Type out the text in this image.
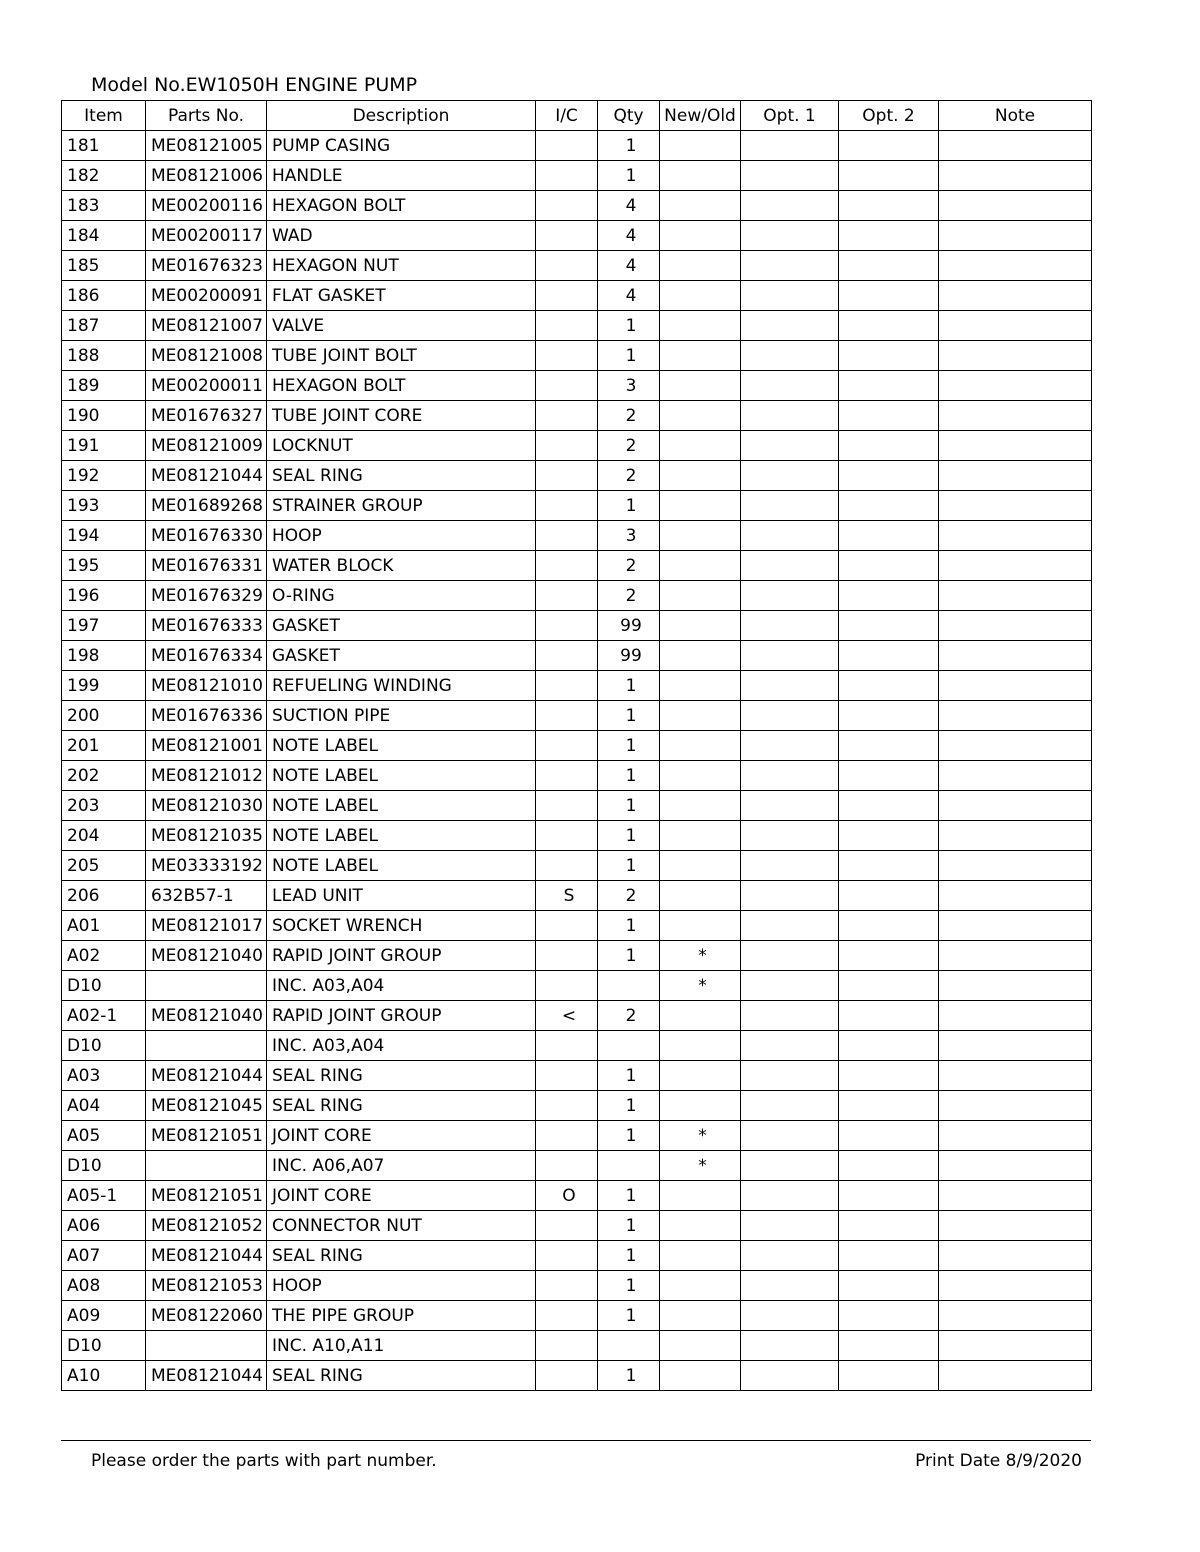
Model No.EW1050H ENGINE PUMP
Item	Parts No.	Description	I/C	Qty	New/Old	Opt. 1	Opt. 2	Note
181	ME08121005	PUMP CASING		1				
182	ME08121006	HANDLE		1				
183	ME00200116	HEXAGON BOLT		4				
184	ME00200117	WAD		4				
185	ME01676323	HEXAGON NUT		4				
186	ME00200091	FLAT GASKET		4				
187	ME08121007	VALVE		1				
188	ME08121008	TUBE JOINT BOLT		1				
189	ME00200011	HEXAGON BOLT		3				
190	ME01676327	TUBE JOINT CORE		2				
191	ME08121009	LOCKNUT		2				
192	ME08121044	SEAL RING		2				
193	ME01689268	STRAINER GROUP		1				
194	ME01676330	HOOP		3				
195	ME01676331	WATER BLOCK		2				
196	ME01676329	O-RING		2				
197	ME01676333	GASKET		99				
198	ME01676334	GASKET		99				
199	ME08121010	REFUELING WINDING		1				
200	ME01676336	SUCTION PIPE		1				
201	ME08121001	NOTE LABEL		1				
202	ME08121012	NOTE LABEL		1				
203	ME08121030	NOTE LABEL		1				
204	ME08121035	NOTE LABEL		1				
205	ME03333192	NOTE LABEL		1				
206	632B57-1	LEAD UNIT	S	2				
A01	ME08121017	SOCKET WRENCH		1				
A02	ME08121040	RAPID JOINT GROUP		1	*			
D10		INC. A03,A04			*			
A02-1	ME08121040	RAPID JOINT GROUP	<	2				
D10		INC. A03,A04						
A03	ME08121044	SEAL RING		1				
A04	ME08121045	SEAL RING		1				
A05	ME08121051	JOINT CORE		1	*			
D10		INC. A06,A07			*			
A05-1	ME08121051	JOINT CORE	O	1				
A06	ME08121052	CONNECTOR NUT		1				
A07	ME08121044	SEAL RING		1				
A08	ME08121053	HOOP		1				
A09	ME08122060	THE PIPE GROUP		1				
D10		INC. A10,A11						
A10	ME08121044	SEAL RING		1				
Please order the parts with part number.	Print Date 8/9/2020
